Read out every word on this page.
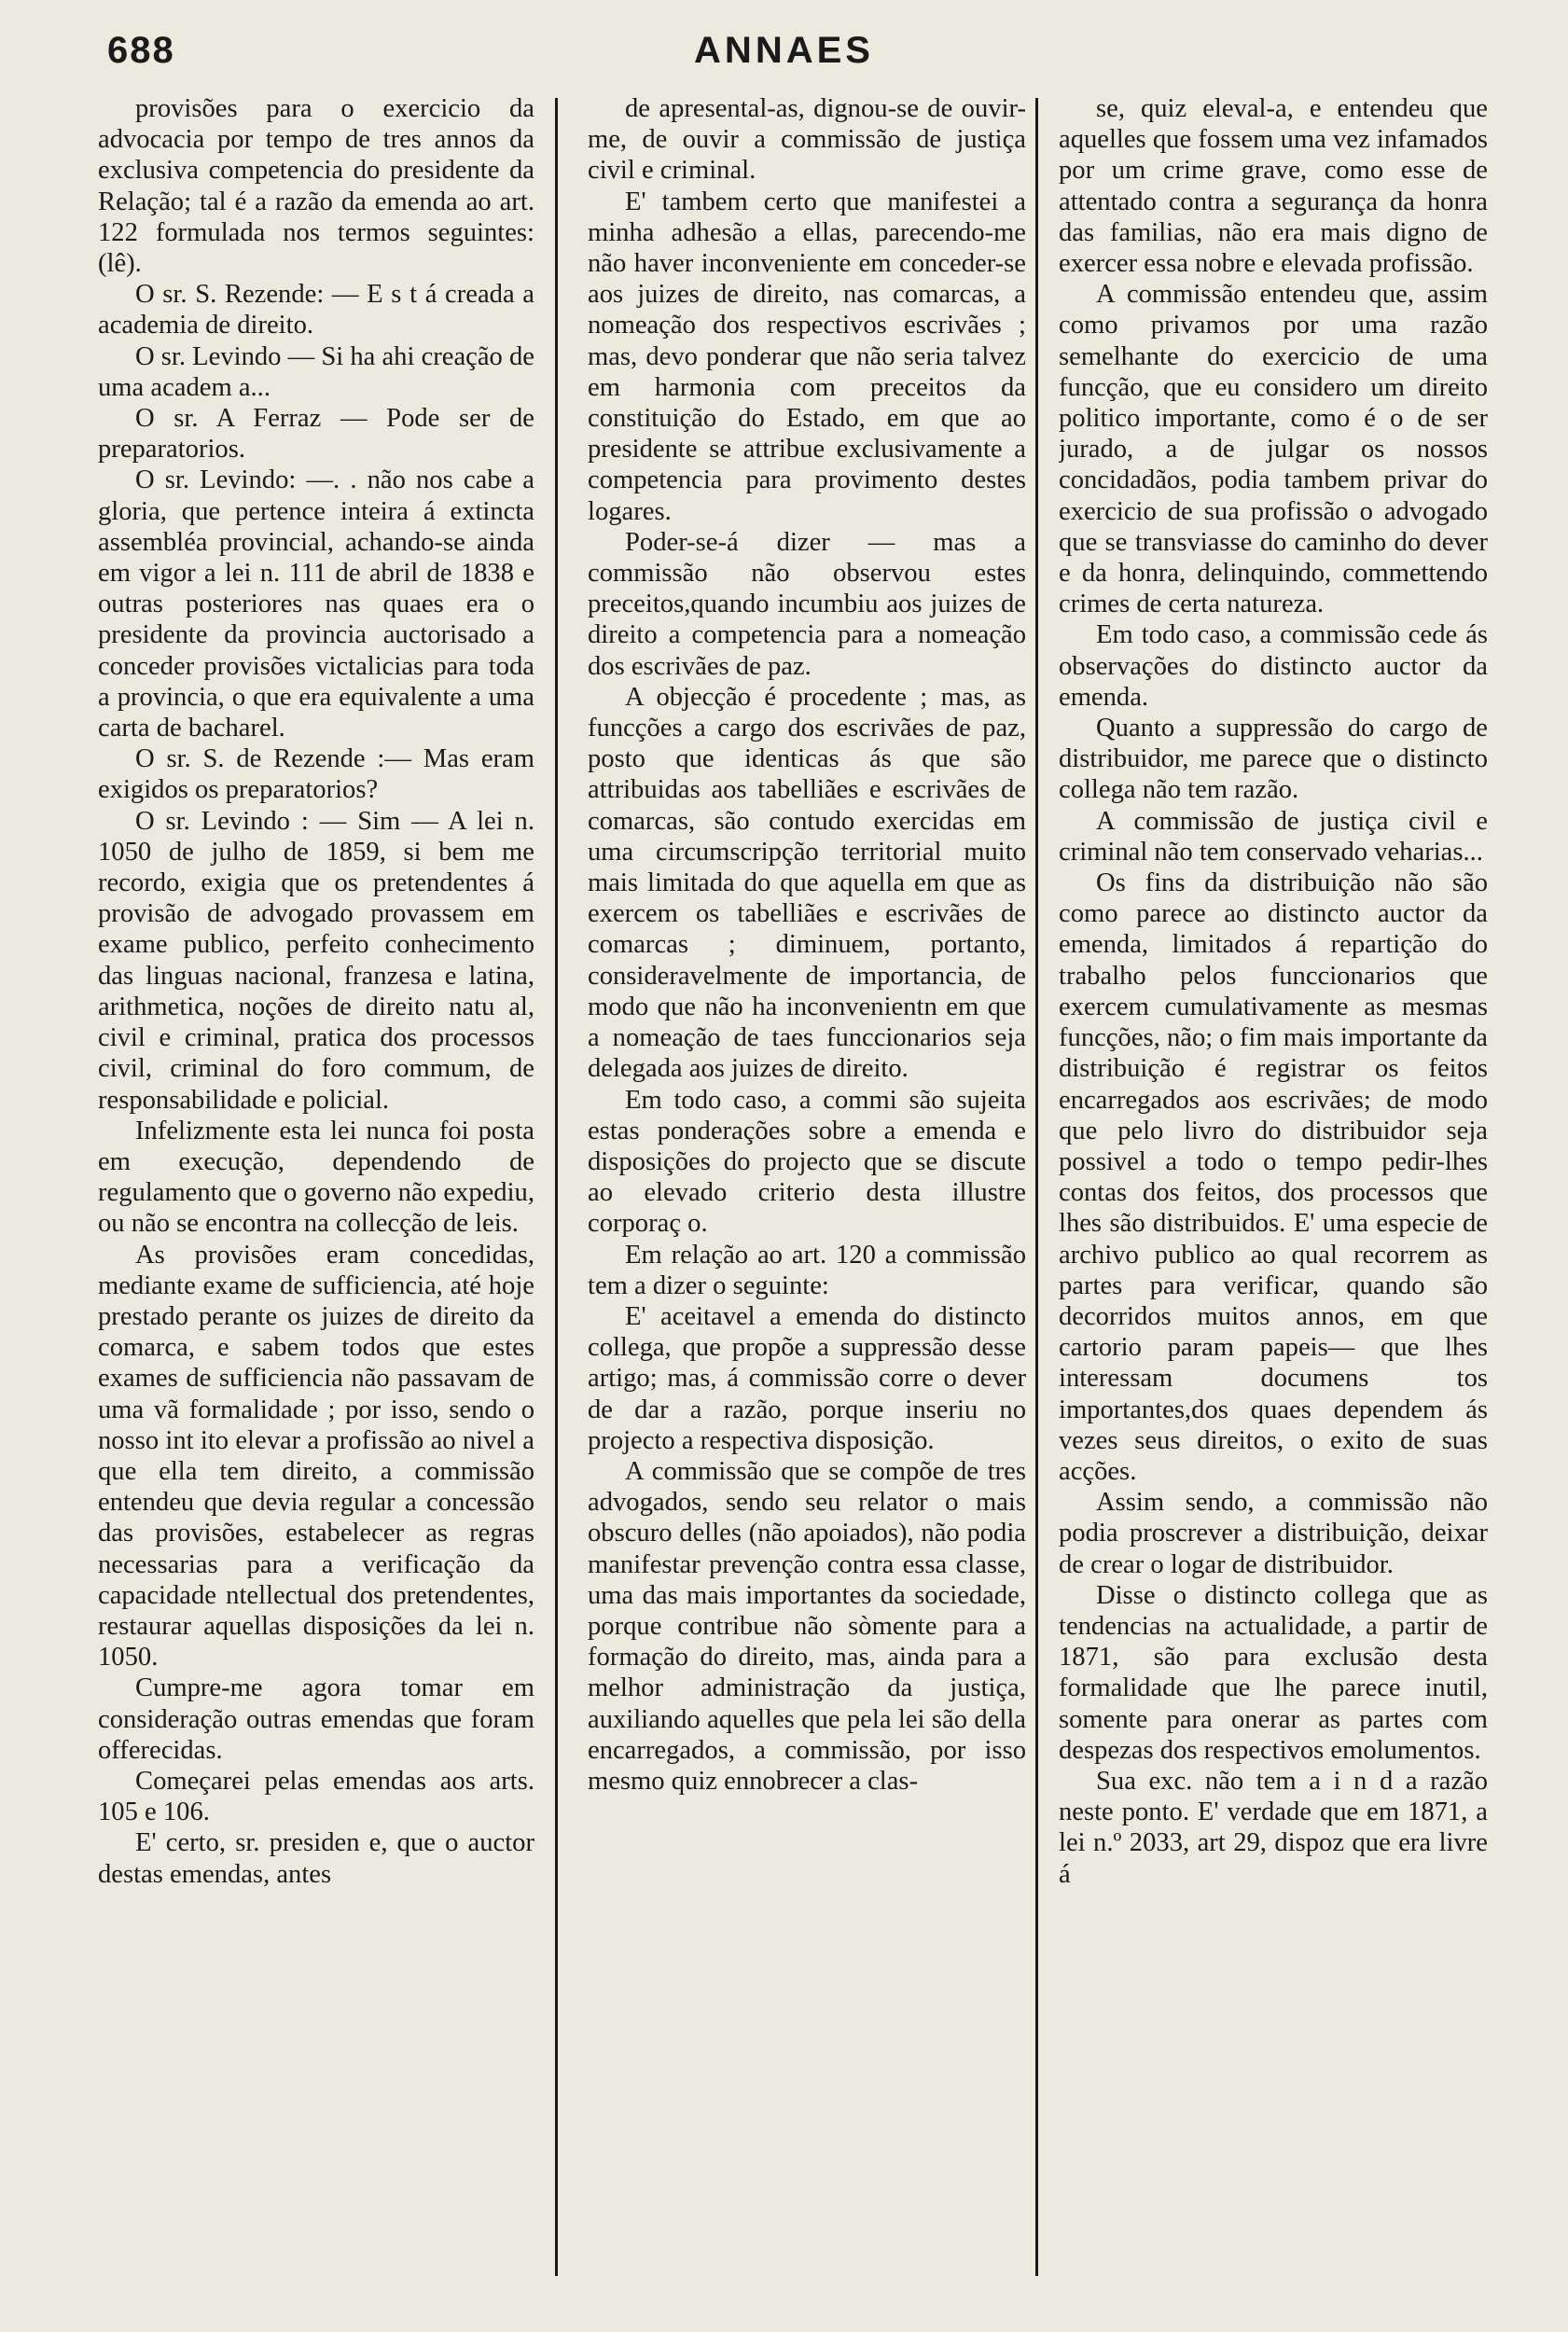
688	ANNAES

provisões para o exercicio da advocacia por tempo de tres annos da exclusiva competencia do presidente da Relação; tal é a razão da emenda ao art. 122 formulada nos termos seguintes: (lê).

O sr. S. Rezende: — E s t á creada a academia de direito.

O sr. Levindo — Si ha ahi creação de uma academ a...

O sr. A Ferraz — Pode ser de preparatorios.

O sr. Levindo: —. . não nos cabe a gloria, que pertence inteira á extincta assembléa provincial, achando-se ainda em vigor a lei n. 111 de abril de 1838 e outras posteriores nas quaes era o presidente da provincia auctorisado a conceder provisões victalicias para toda a provincia, o que era equivalente a uma carta de bacharel.

O sr. S. de Rezende :— Mas eram exigidos os preparatorios?

O sr. Levindo : — Sim — A lei n. 1050 de julho de 1859, si bem me recordo, exigia que os pretendentes á provisão de advogado provassem em exame publico, perfeito conhecimento das linguas nacional, franzesa e latina, arithmetica, noções de direito natu al, civil e criminal, pratica dos processos civil, criminal do foro commum, de responsabilidade e policial.

Infelizmente esta lei nunca foi posta em execução, dependendo de regulamento que o governo não expediu, ou não se encontra na collecção de leis.

As provisões eram concedidas, mediante exame de sufficiencia, até hoje prestado perante os juizes de direito da comarca, e sabem todos que estes exames de sufficiencia não passavam de uma vã formalidade ; por isso, sendo o nosso int ito elevar a profissão ao nivel a que ella tem direito, a commissão entendeu que devia regular a concessão das provisões, estabelecer as regras necessarias para a verificação da capacidade ntellectual dos pretendentes, restaurar aquellas disposições da lei n. 1050.

Cumpre-me agora tomar em consideração outras emendas que foram offerecidas.

Começarei pelas emendas aos arts. 105 e 106.

E' certo, sr. presiden e, que o auctor destas emendas, antes

de apresental-as, dignou-se de ouvir-me, de ouvir a commissão de justiça civil e criminal.

E' tambem certo que manifestei a minha adhesão a ellas, parecendo-me não haver inconveniente em conceder-se aos juizes de direito, nas comarcas, a nomeação dos respectivos escrivães ; mas, devo ponderar que não seria talvez em harmonia com preceitos da constituição do Estado, em que ao presidente se attribue exclusivamente a competencia para provimento destes logares.

Poder-se-á dizer — mas a commissão não observou estes preceitos,quando incumbiu aos juizes de direito a competencia para a nomeação dos escrivães de paz.

A objecção é procedente ; mas, as funcções a cargo dos escrivães de paz, posto que identicas ás que são attribuidas aos tabelliães e escrivães de comarcas, são contudo exercidas em uma circumscripção territorial muito mais limitada do que aquella em que as exercem os tabelliães e escrivães de comarcas ; diminuem, portanto, consideravelmente de importancia, de modo que não ha inconvenientn em que a nomeação de taes funccionarios seja delegada aos juizes de direito.

Em todo caso, a commi são sujeita estas ponderações sobre a emenda e disposições do projecto que se discute ao elevado criterio desta illustre corporaç o.

Em relação ao art. 120 a commissão tem a dizer o seguinte:

E' aceitavel a emenda do distincto collega, que propõe a suppressão desse artigo; mas, á commissão corre o dever de dar a razão, porque inseriu no projecto a respectiva disposição.

A commissão que se compõe de tres advogados, sendo seu relator o mais obscuro delles (não apoiados), não podia manifestar prevenção contra essa classe, uma das mais importantes da sociedade, porque contribue não sòmente para a formação do direito, mas, ainda para a melhor administração da justiça, auxiliando aquelles que pela lei são della encarregados, a commissão, por isso mesmo quiz ennobrecer a clas-

se, quiz eleval-a, e entendeu que aquelles que fossem uma vez infamados por um crime grave, como esse de attentado contra a segurança da honra das familias, não era mais digno de exercer essa nobre e elevada profissão.

A commissão entendeu que, assim como privamos por uma razão semelhante do exercicio de uma funcção, que eu considero um direito politico importante, como é o de ser jurado, a de julgar os nossos concidadãos, podia tambem privar do exercicio de sua profissão o advogado que se transviasse do caminho do dever e da honra, delinquindo, commettendo crimes de certa natureza.

Em todo caso, a commissão cede ás observações do distincto auctor da emenda.

Quanto a suppressão do cargo de distribuidor, me parece que o distincto collega não tem razão.

A commissão de justiça civil e criminal não tem conservado veharias...

Os fins da distribuição não são como parece ao distincto auctor da emenda, limitados á repartição do trabalho pelos funccionarios que exercem cumulativamente as mesmas funcções, não; o fim mais importante da distribuição é registrar os feitos encarregados aos escrivães; de modo que pelo livro do distribuidor seja possivel a todo o tempo pedir-lhes contas dos feitos, dos processos que lhes são distribuidos. E' uma especie de archivo publico ao qual recorrem as partes para verificar, quando são decorridos muitos annos, em que cartorio param papeis— que lhes interessam documens tos importantes,dos quaes dependem ás vezes seus direitos, o exito de suas acções.

Assim sendo, a commissão não podia proscrever a distribuição, deixar de crear o logar de distribuidor.

Disse o distincto collega que as tendencias na actualidade, a partir de 1871, são para exclusão desta formalidade que lhe parece inutil, somente para onerar as partes com despezas dos respectivos emolumentos.

Sua exc. não tem a i n d a razão neste ponto. E' verdade que em 1871, a lei n.º 2033, art 29, dispoz que era livre á
